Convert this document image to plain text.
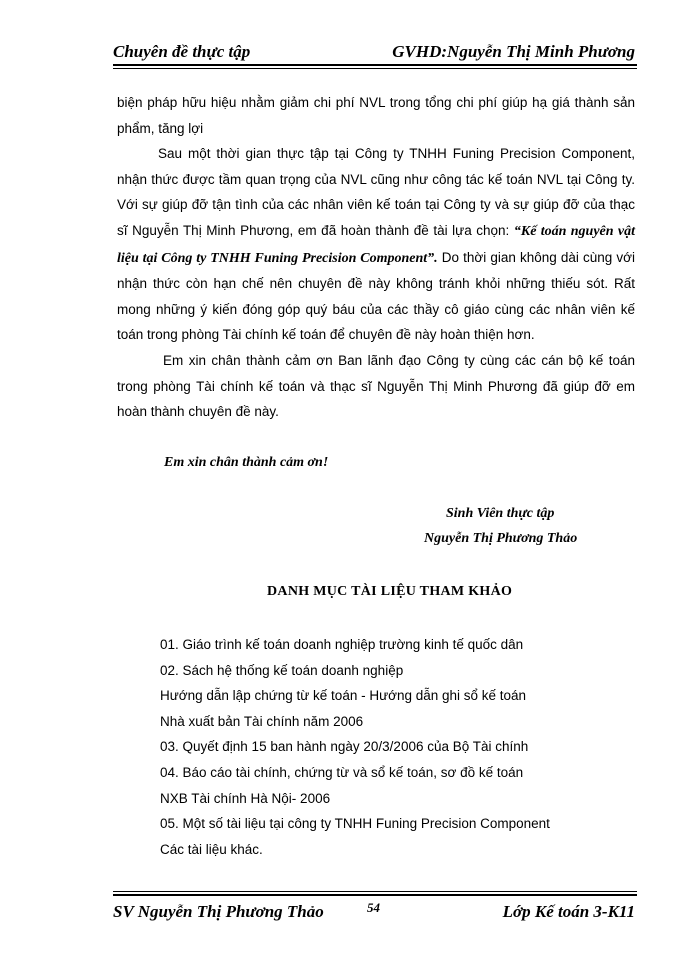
Chuyên đề thực tập	GVHD:Nguyễn Thị Minh Phương

biện pháp hữu hiệu nhằm giảm chi phí NVL trong tổng chi phí giúp hạ giá thành sản phẩm, tăng lợi

Sau một thời gian thực tập tại Công ty TNHH Funing Precision Component, nhận thức được tầm quan trọng của NVL cũng như công tác kế toán NVL tại Công ty. Với sự giúp đỡ tận tình của các nhân viên kế toán tại Công ty và sự giúp đỡ của thạc sĩ Nguyễn Thị Minh Phương, em đã hoàn thành đề tài lựa chọn: “Kế toán nguyên vật liệu tại Công ty TNHH Funing Precision Component”. Do thời gian không dài cùng với nhận thức còn hạn chế nên chuyên đề này không tránh khỏi những thiếu sót. Rất mong những ý kiến đóng góp quý báu của các thầy cô giáo cùng các nhân viên kế toán trong phòng Tài chính kế toán để chuyên đề này hoàn thiện hơn.

Em xin chân thành cảm ơn Ban lãnh đạo Công ty cùng các cán bộ kế toán trong phòng Tài chính kế toán và thạc sĩ Nguyễn Thị Minh Phương đã giúp đỡ em hoàn thành chuyên đề này.

Em xin chân thành cảm ơn!
Sinh Viên thực tập
Nguyễn Thị Phương Thảo
DANH MỤC TÀI LIỆU THAM KHẢO
01. Giáo trình kế toán doanh nghiệp trường kinh tế quốc dân
02. Sách hệ thống kế toán doanh nghiệp
Hướng dẫn lập chứng từ kế toán - Hướng dẫn ghi sổ kế toán
Nhà xuất bản Tài chính năm 2006
03. Quyết định 15 ban hành ngày 20/3/2006 của Bộ Tài chính
04. Báo cáo tài chính, chứng từ và sổ kế toán, sơ đồ kế toán
NXB Tài chính Hà Nội- 2006
05. Một số tài liệu tại công ty TNHH Funing Precision Component
Các tài liệu khác.
SV Nguyễn Thị Phương Thảo	54	Lớp Kế toán 3-K11
